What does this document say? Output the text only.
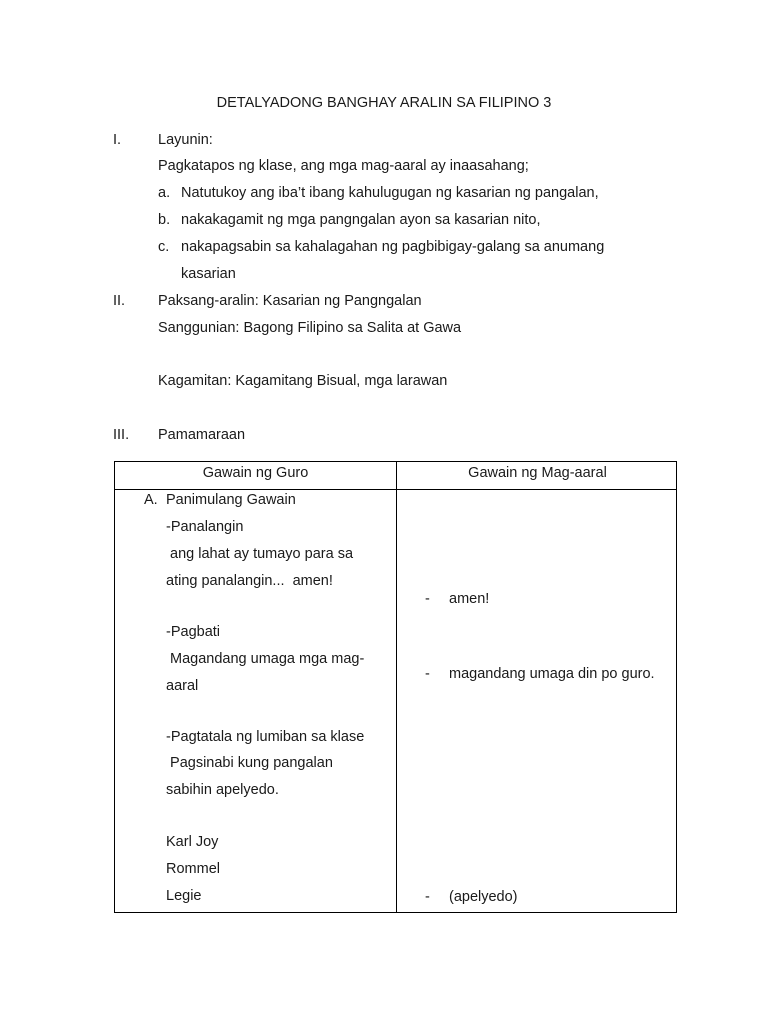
DETALYADONG BANGHAY ARALIN SA FILIPINO 3
I.	Layunin:
Pagkatapos ng klase, ang mga mag-aaral ay inaasahang;
a. Natutukoy ang iba’t ibang kahulugugan ng kasarian ng pangalan,
b. nakakagamit ng mga pangngalan ayon sa kasarian nito,
c. nakapagsabin sa kahalagahan ng pagbibigay-galang sa anumang
kasarian
II. Paksang-aralin: Kasarian ng Pangngalan
Sanggunian: Bagong Filipino sa Salita at Gawa
Kagamitan: Kagamitang Bisual, mga larawan
III. Pamamaraan
Gawain ng Guro	Gawain ng Mag-aaral
A. Panimulang Gawain
-Panalangin
ang lahat ay tumayo para sa
ating panalangin...  amen!
-Pagbati
Magandang umaga mga mag-
aaral
-Pagtatala ng lumiban sa klase
Pagsinabi kung pangalan
sabihin apelyedo.
Karl Joy
Rommel
Legie
- amen!
- magandang umaga din po guro.
- (apelyedo)
